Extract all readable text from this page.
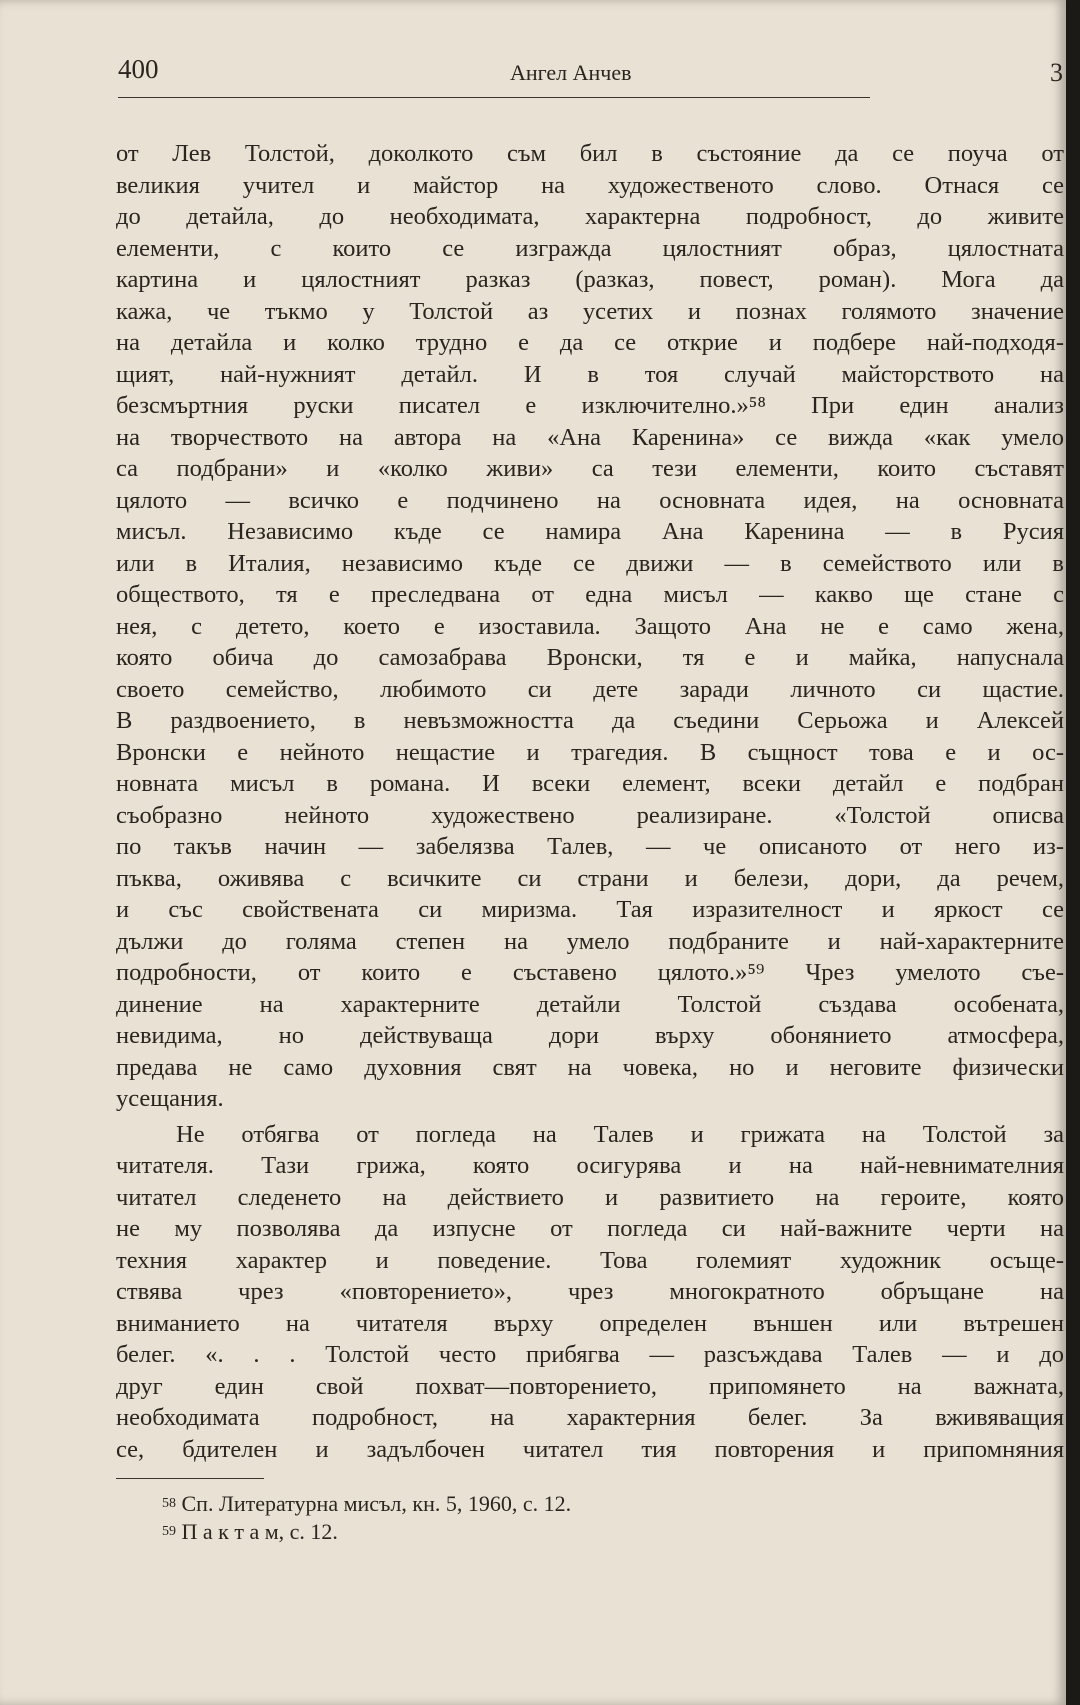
400	Ангел Анчев	3
от Лев Толстой, доколкото съм бил в състояние да се поуча от
великия учител и майстор на художественото слово. Отнася се
до детайла, до необходимата, характерна подробност, до живите
елементи, с които се изгражда цялостният образ, цялостната
картина и цялостният разказ (разказ, повест, роман). Мога да
кажа, че тъкмо у Толстой аз усетих и познах голямото значение
на детайла и колко трудно е да се открие и подбере най-подходя-
щият, най-нужният детайл. И в тоя случай майсторството на
безсмъртния руски писател е изключително.»⁵⁸ При един анализ
на творчеството на автора на «Ана Каренина» се вижда «как умело
са подбрани» и «колко живи» са тези елементи, които съставят
цялото — всичко е подчинено на основната идея, на основната
мисъл. Независимо къде се намира Ана Каренина — в Русия
или в Италия, независимо къде се движи — в семейството или в
обществото, тя е преследвана от една мисъл — какво ще стане с
нея, с детето, което е изоставила. Защото Ана не е само жена,
която обича до самозабрава Вронски, тя е и майка, напуснала
своето семейство, любимото си дете заради личното си щастие.
В раздвоението, в невъзможността да съедини Серьожа и Алексей
Вронски е нейното нещастие и трагедия. В същност това е и ос-
новната мисъл в романа. И всеки елемент, всеки детайл е подбран
съобразно нейното художествено реализиране. «Толстой описва
по такъв начин — забелязва Талев, — че описаното от него из-
пъква, оживява с всичките си страни и белези, дори, да речем,
и със свойствената си миризма. Тая изразителност и яркост се
дължи до голяма степен на умело подбраните и най-характерните
подробности, от които е съставено цялото.»⁵⁹ Чрез умелото съе-
динение на характерните детайли Толстой създава особената,
невидима, но действуваща дори върху обонянието атмосфера,
предава не само духовния свят на човека, но и неговите физически
усещания.
Не отбягва от погледа на Талев и грижата на Толстой за
читателя. Тази грижа, която осигурява и на най-невнимателния
читател следенето на действието и развитието на героите, която
не му позволява да изпусне от погледа си най-важните черти на
техния характер и поведение. Това големият художник осъще-
ствява чрез «повторението», чрез многократното обръщане на
вниманието на читателя върху определен външен или вътрешен
белег. «. . . Толстой често прибягва — разсъждава Талев — и до
друг един свой похват—повторението, припомянето на важната,
необходимата подробност, на характерния белег. За вживяващия
се, бдителен и задълбочен читател тия повторения и припомняния
$^{58}$ Сп. Литературна мисъл, кн. 5, 1960, с. 12.
$^{59}$ П а к т а м, с. 12.
